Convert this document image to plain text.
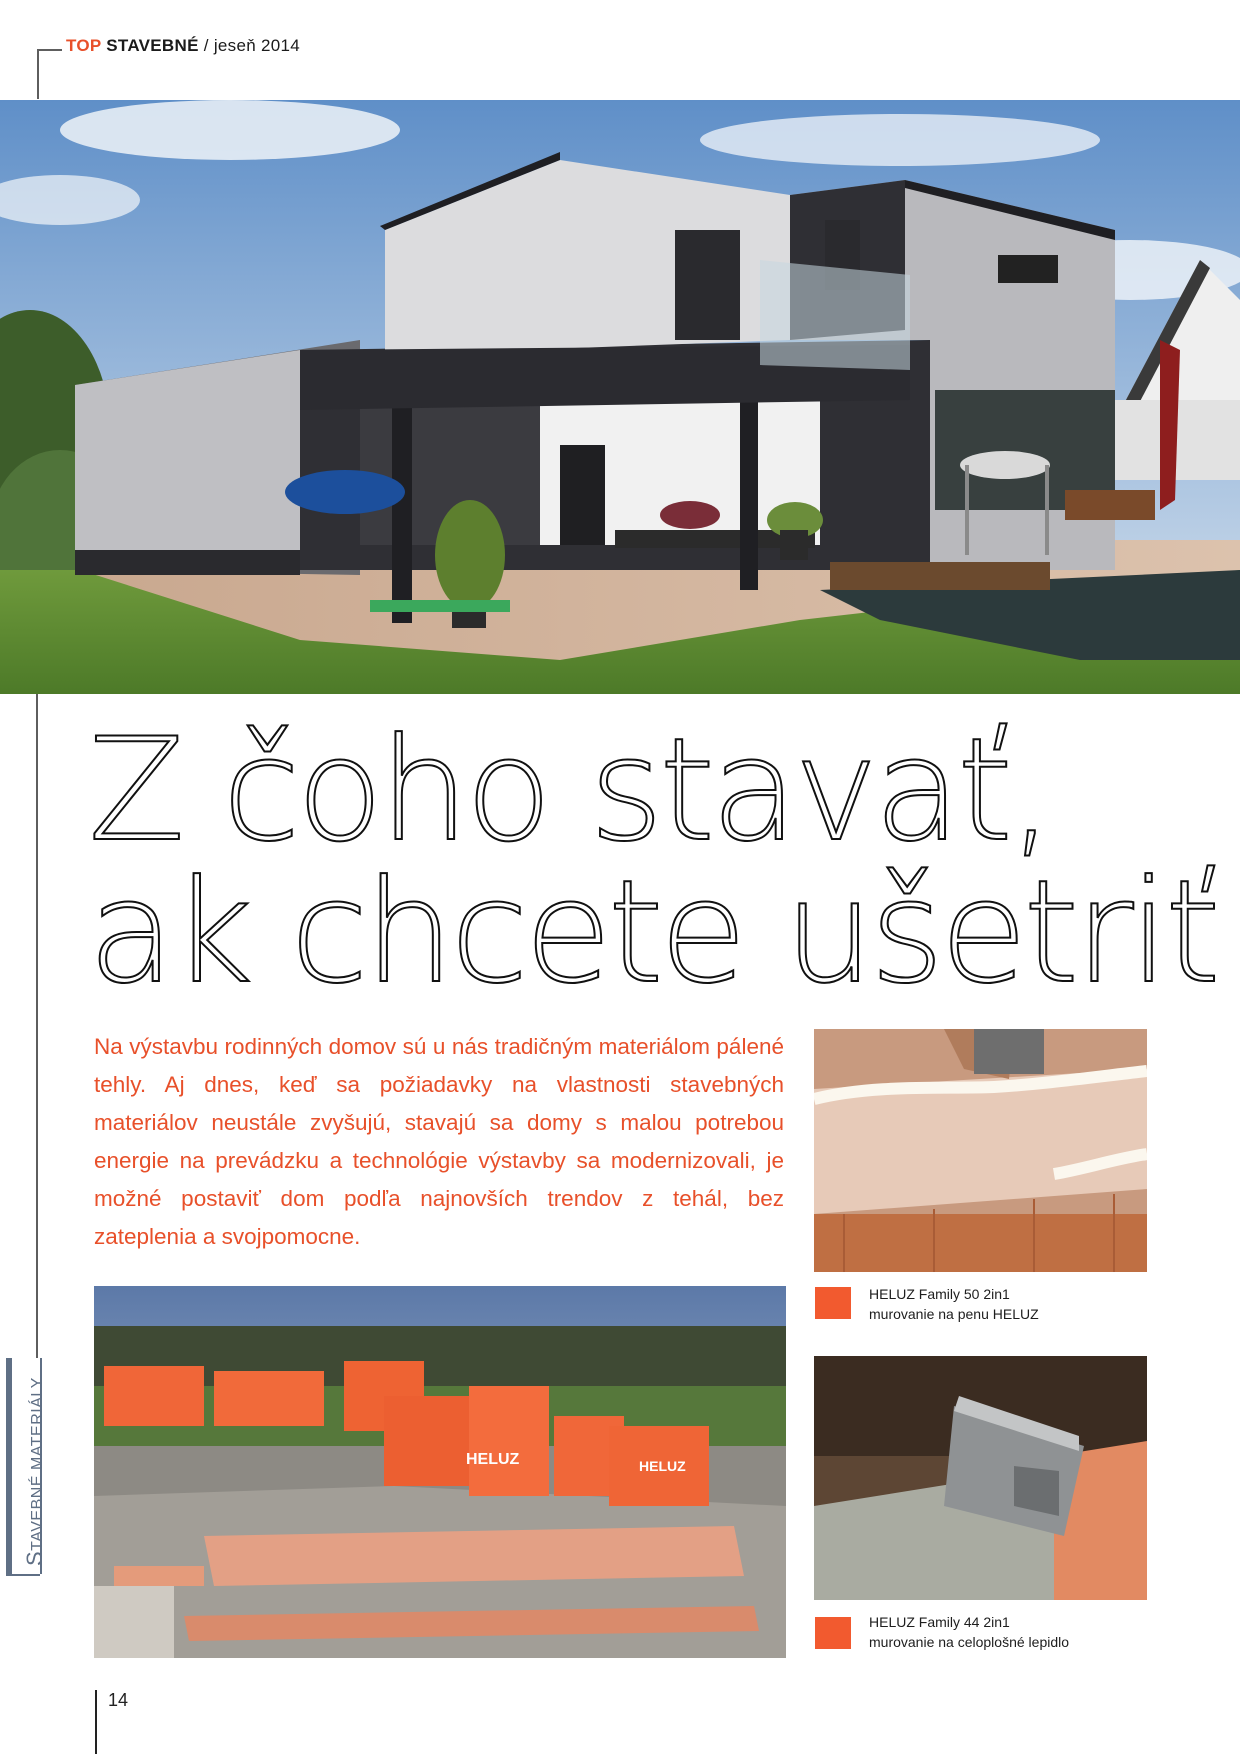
TOP STAVEBNÉ / jeseň 2014
STAVEBNÉ MATERIÁLY
Z čoho stavať,
ak chcete ušetriť

Na výstavbu rodinných domov sú u nás tradičným materiálom pálené tehly. Aj dnes, keď sa požiadavky na vlastnosti stavebných materiálov neustále zvyšujú, stavajú sa domy s malou potrebou energie na prevádzku a technológie výstavby sa modernizovali, je možné postaviť dom podľa najnovších trendov z tehál, bez zateplenia a svojpomocne.

HELUZ	HELUZ
HELUZ Family 50 2in1
murovanie na penu HELUZ
HELUZ Family 44 2in1
murovanie na celoplošné lepidlo
14
